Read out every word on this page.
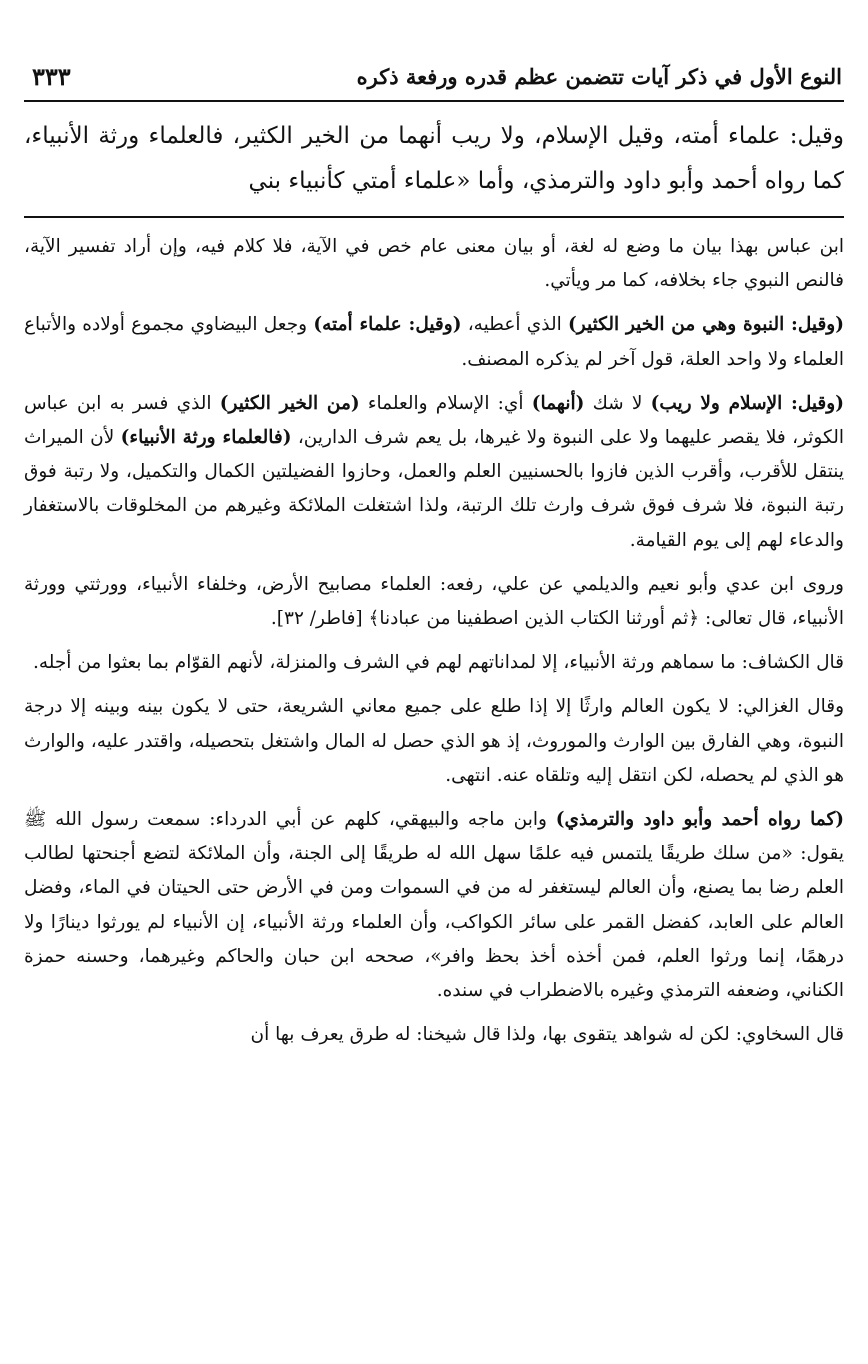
النوع الأول في ذكر آيات تتضمن عظم قدره ورفعة ذكره
٣٣٣
وقيل: علماء أمته، وقيل الإسلام، ولا ريب أنهما من الخير الكثير، فالعلماء ورثة الأنبياء، كما رواه أحمد وأبو داود والترمذي، وأما «علماء أمتي كأنبياء بني

ابن عباس بهذا بيان ما وضع له لغة، أو بيان معنى عام خص في الآية، فلا كلام فيه، وإن أراد تفسير الآية، فالنص النبوي جاء بخلافه، كما مر ويأتي.

(وقيل: النبوة وهي من الخير الكثير) الذي أعطيه، (وقيل: علماء أمته) وجعل البيضاوي مجموع أولاده والأتباع العلماء ولا واحد العلة، قول آخر لم يذكره المصنف.

(وقيل: الإسلام ولا ريب) لا شك (أنهما) أي: الإسلام والعلماء (من الخير الكثير) الذي فسر به ابن عباس الكوثر، فلا يقصر عليهما ولا على النبوة ولا غيرها، بل يعم شرف الدارين، (فالعلماء ورثة الأنبياء) لأن الميراث ينتقل للأقرب، وأقرب الذين فازوا بالحسنيين العلم والعمل، وحازوا الفضيلتين الكمال والتكميل، ولا رتبة فوق رتبة النبوة، فلا شرف فوق شرف وارث تلك الرتبة، ولذا اشتغلت الملائكة وغيرهم من المخلوقات بالاستغفار والدعاء لهم إلى يوم القيامة.

وروى ابن عدي وأبو نعيم والديلمي عن علي، رفعه: العلماء مصابيح الأرض، وخلفاء الأنبياء، وورثتي وورثة الأنبياء، قال تعالى: ﴿ثم أورثنا الكتاب الذين اصطفينا من عبادنا﴾ [فاطر/ ٣٢].

قال الكشاف: ما سماهم ورثة الأنبياء، إلا لمداناتهم لهم في الشرف والمنزلة، لأنهم القوّام بما بعثوا من أجله.

وقال الغزالي: لا يكون العالم وارثًا إلا إذا طلع على جميع معاني الشريعة، حتى لا يكون بينه وبينه إلا درجة النبوة، وهي الفارق بين الوارث والموروث، إذ هو الذي حصل له المال واشتغل بتحصيله، واقتدر عليه، والوارث هو الذي لم يحصله، لكن انتقل إليه وتلقاه عنه. انتهى.

(كما رواه أحمد وأبو داود والترمذي) وابن ماجه والبيهقي، كلهم عن أبي الدرداء: سمعت رسول الله ﷺ يقول: «من سلك طريقًا يلتمس فيه علمًا سهل الله له طريقًا إلى الجنة، وأن الملائكة لتضع أجنحتها لطالب العلم رضا بما يصنع، وأن العالم ليستغفر له من في السموات ومن في الأرض حتى الحيتان في الماء، وفضل العالم على العابد، كفضل القمر على سائر الكواكب، وأن العلماء ورثة الأنبياء، إن الأنبياء لم يورثوا دينارًا ولا درهمًا، إنما ورثوا العلم، فمن أخذه أخذ بحظ وافر»، صححه ابن حبان والحاكم وغيرهما، وحسنه حمزة الكناني، وضعفه الترمذي وغيره بالاضطراب في سنده.

قال السخاوي: لكن له شواهد يتقوى بها، ولذا قال شيخنا: له طرق يعرف بها أن
